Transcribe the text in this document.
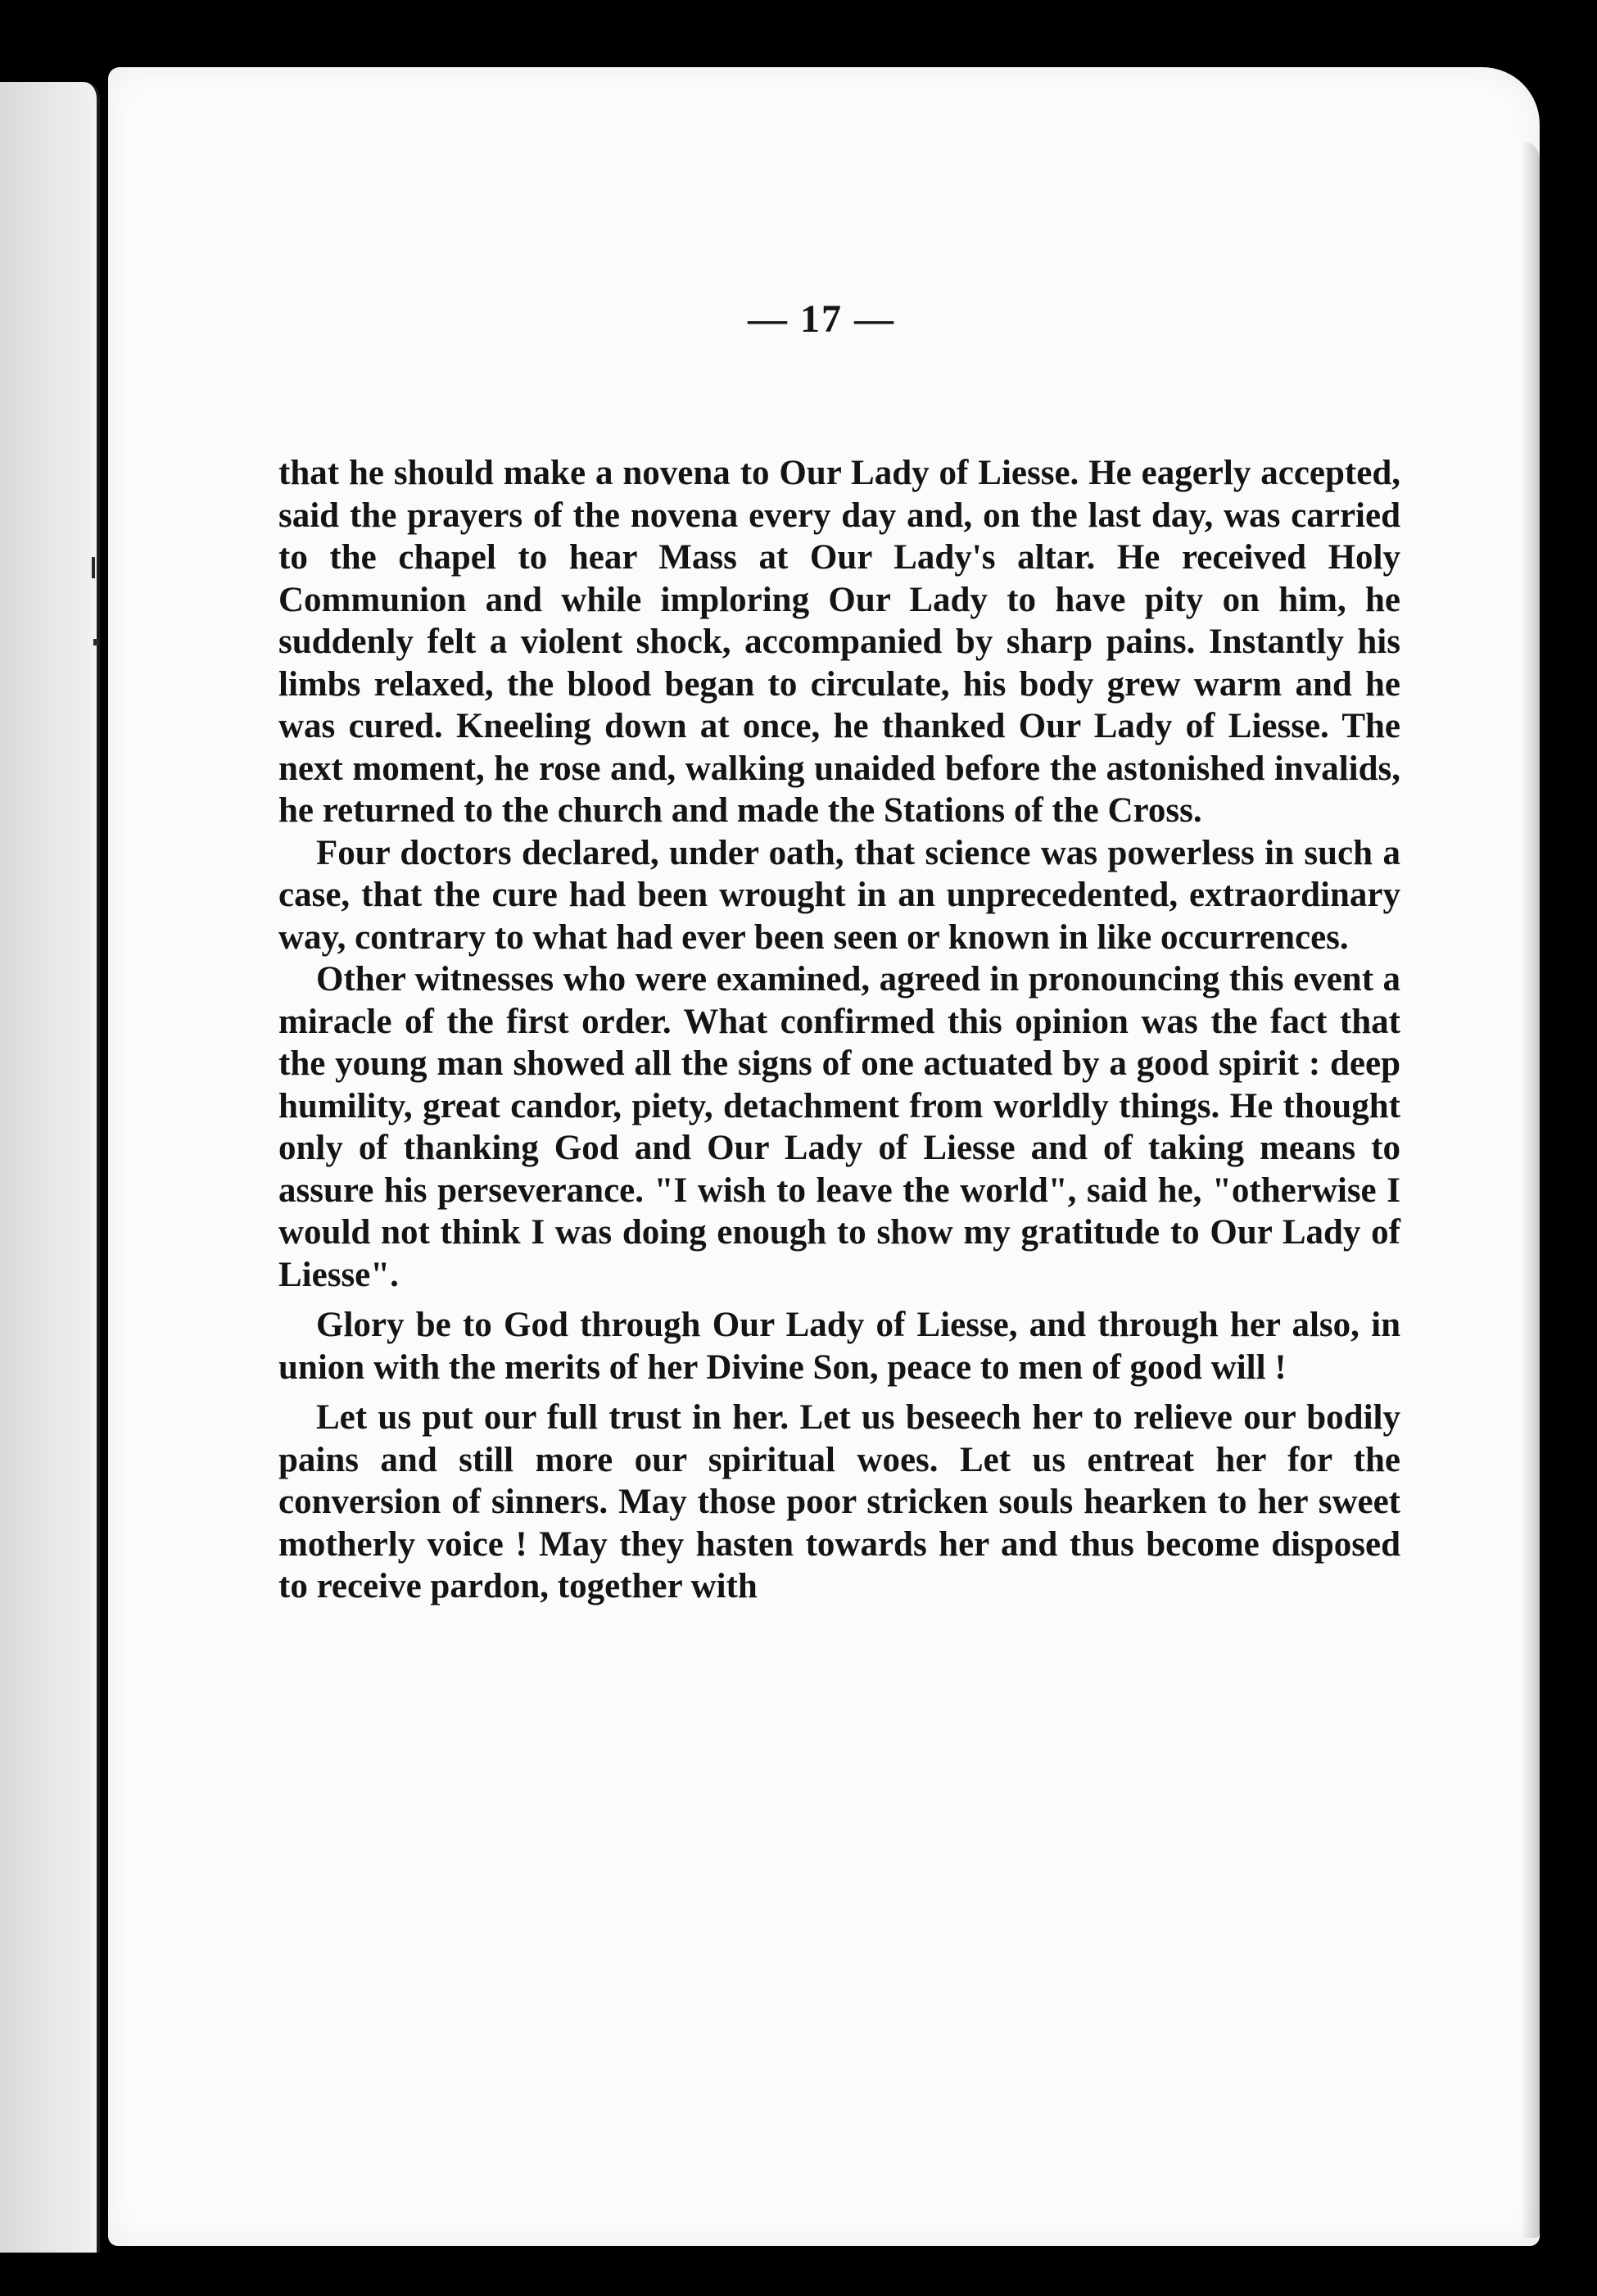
— 17 —

that he should make a novena to Our Lady of Liesse. He eagerly accepted, said the prayers of the novena every day and, on the last day, was carried to the chapel to hear Mass at Our Lady's altar. He received Holy Communion and while imploring Our Lady to have pity on him, he suddenly felt a violent shock, accompanied by sharp pains. Instantly his limbs relaxed, the blood began to circulate, his body grew warm and he was cured. Kneeling down at once, he thanked Our Lady of Liesse. The next moment, he rose and, walking unaided before the astonished invalids, he returned to the church and made the Stations of the Cross.

Four doctors declared, under oath, that science was powerless in such a case, that the cure had been wrought in an unprecedented, extraordinary way, contrary to what had ever been seen or known in like occurrences.

Other witnesses who were examined, agreed in pronouncing this event a miracle of the first order. What confirmed this opinion was the fact that the young man showed all the signs of one actuated by a good spirit : deep humility, great candor, piety, detachment from worldly things. He thought only of thanking God and Our Lady of Liesse and of taking means to assure his perseverance. "I wish to leave the world", said he, "otherwise I would not think I was doing enough to show my gratitude to Our Lady of Liesse".

Glory be to God through Our Lady of Liesse, and through her also, in union with the merits of her Divine Son, peace to men of good will !

Let us put our full trust in her. Let us beseech her to relieve our bodily pains and still more our spiritual woes. Let us entreat her for the conversion of sinners. May those poor stricken souls hearken to her sweet motherly voice ! May they hasten towards her and thus become disposed to receive pardon, together with
